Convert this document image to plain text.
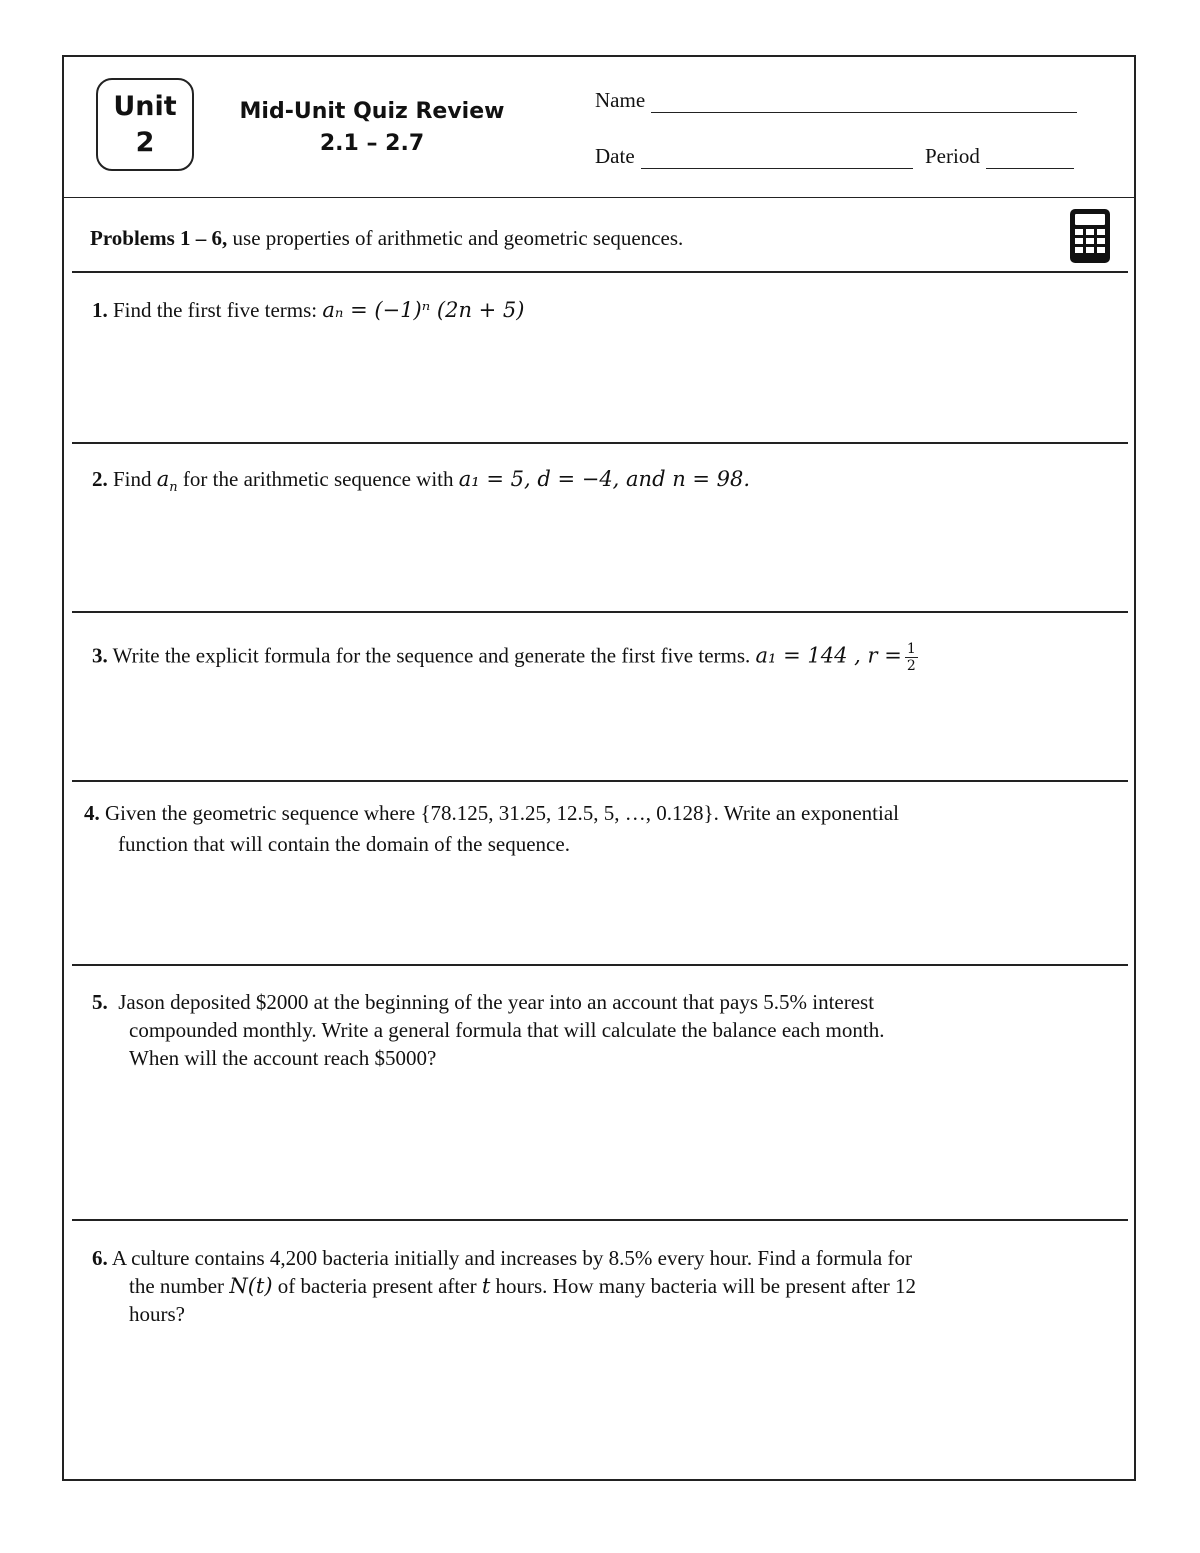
Unit
2
Mid-Unit Quiz Review
2.1 – 2.7
Name
Date	Period
Problems 1 – 6, use properties of arithmetic and geometric sequences.
1. Find the first five terms: aₙ = (−1)ⁿ (2n + 5)
2. Find $a_n$ for the arithmetic sequence with a₁ = 5, d = −4, and n = 98.
3. Write the explicit formula for the sequence and generate the first five terms. a₁ = 144 , $r = \frac{1}{2}$
4. Given the geometric sequence where {78.125, 31.25, 12.5, 5, …, 0.128}. Write an exponential
function that will contain the domain of the sequence.
5. Jason deposited $2000 at the beginning of the year into an account that pays 5.5% interest
compounded monthly. Write a general formula that will calculate the balance each month.
When will the account reach $5000?
6. A culture contains 4,200 bacteria initially and increases by 8.5% every hour. Find a formula for
the number N(t) of bacteria present after t hours. How many bacteria will be present after 12
hours?
